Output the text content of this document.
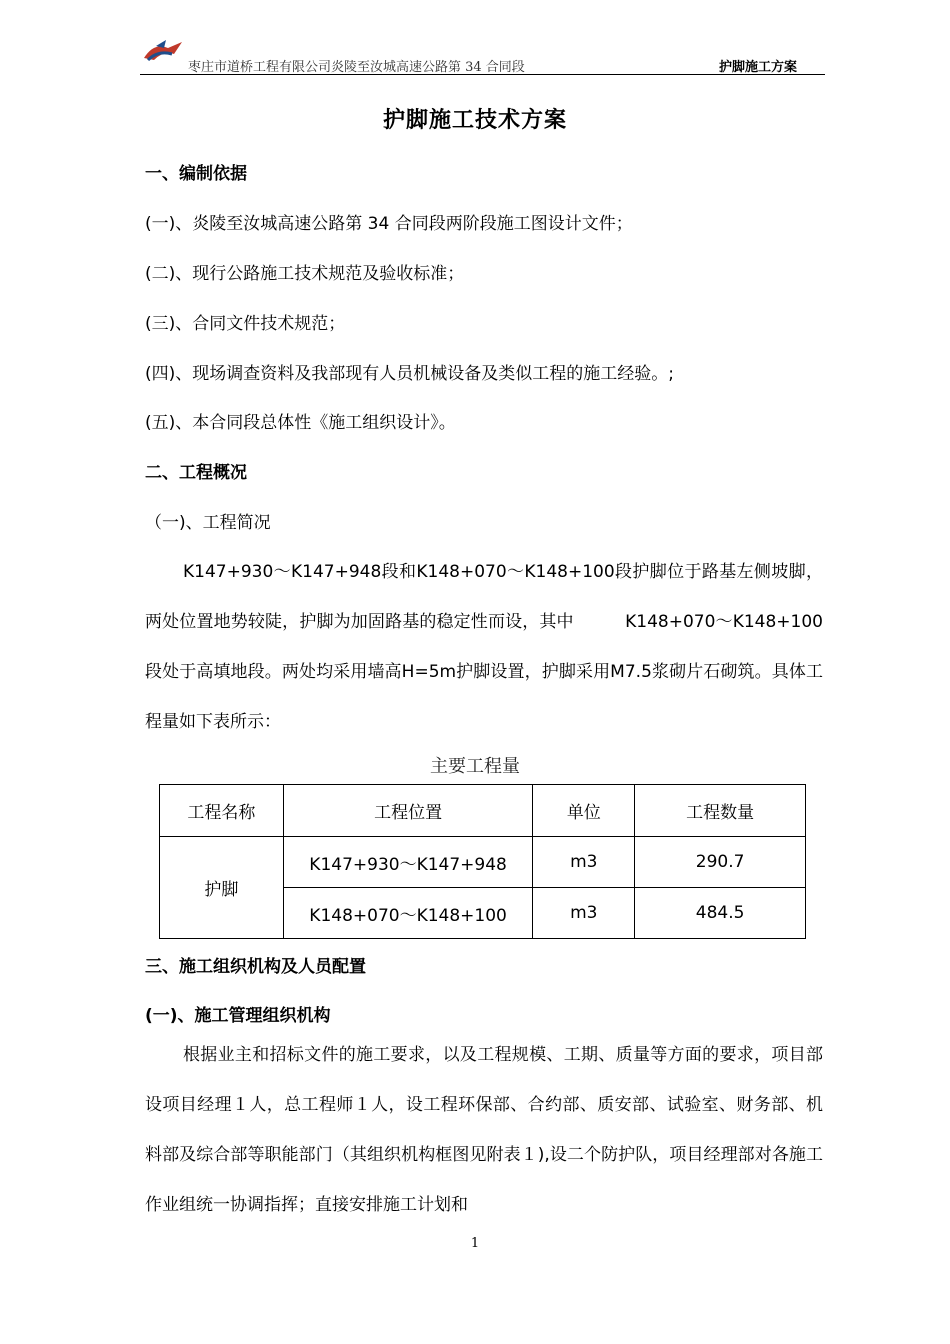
枣庄市道桥工程有限公司炎陵至汝城高速公路第 34 合同段	护脚施工方案
护脚施工技术方案
一、编制依据
(一)、炎陵至汝城高速公路第 34 合同段两阶段施工图设计文件；
(二)、现行公路施工技术规范及验收标准；
(三)、合同文件技术规范；
(四)、现场调查资料及我部现有人员机械设备及类似工程的施工经验。;
(五)、本合同段总体性《施工组织设计》。
二、工程概况
（一)、工程简况
K147+930～K147+948段和K148+070～K148+100段护脚位于路基左侧坡脚，两处位置地势较陡，护脚为加固路基的稳定性而设，其中　　　K148+070～K148+100段处于高填地段。两处均采用墙高H=5m护脚设置，护脚采用M7.5浆砌片石砌筑。具体工程量如下表所示：
主要工程量
工程名称	工程位置	单位	工程数量
护脚	K147+930～K147+948	m3	290.7
	K148+070～K148+100	m3	484.5
三、施工组织机构及人员配置
(一)、施工管理组织机构
根据业主和招标文件的施工要求，以及工程规模、工期、质量等方面的要求，项目部设项目经理１人，总工程师１人，设工程环保部、合约部、质安部、试验室、财务部、机料部及综合部等职能部门（其组织机构框图见附表１),设二个防护队，项目经理部对各施工作业组统一协调指挥；直接安排施工计划和
1
